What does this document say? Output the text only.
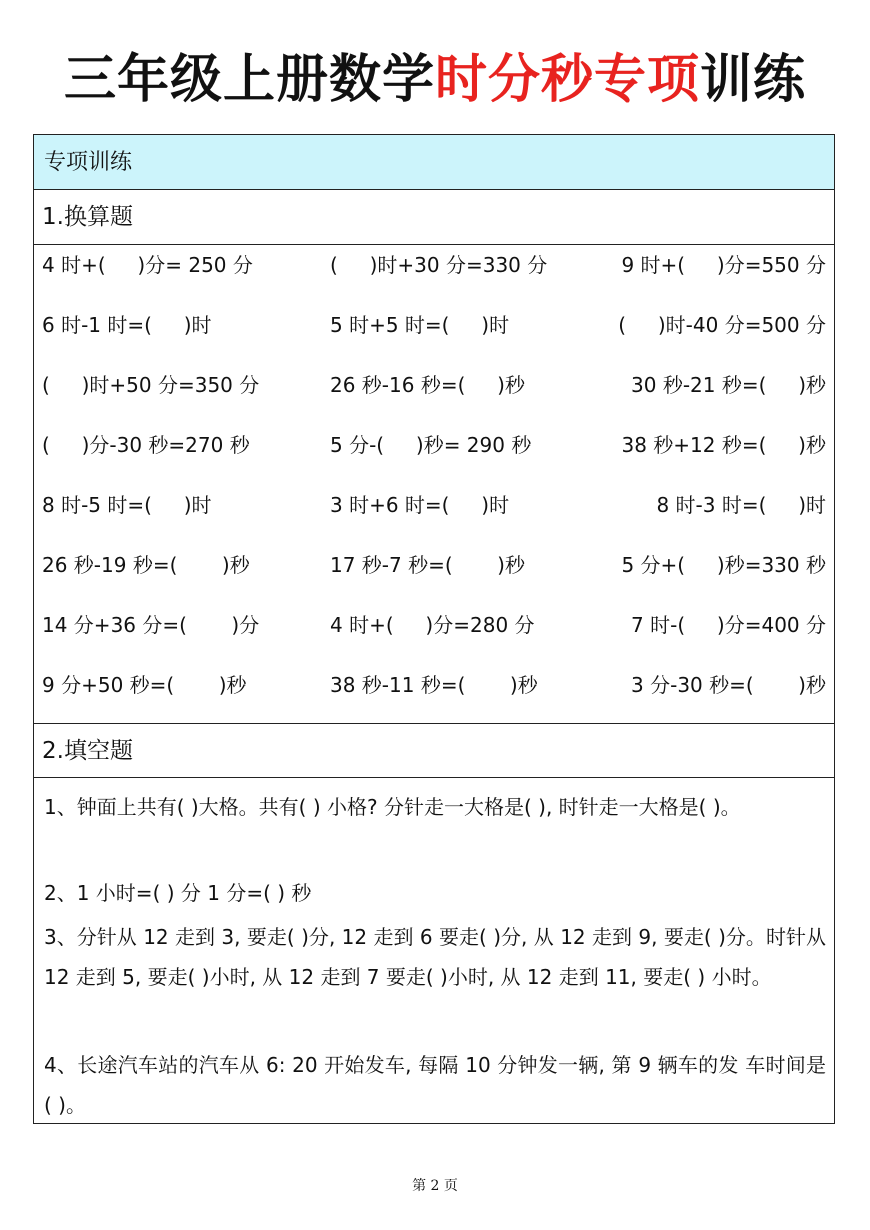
三年级上册数学时分秒专项训练
专项训练
1.换算题
4 时+(     )分= 250 分	(     )时+30 分=330 分	9 时+(     )分=550 分
6 时-1 时=(     )时	5 时+5 时=(     )时	(     )时-40 分=500 分
(     )时+50 分=350 分	26 秒-16 秒=(     )秒	30 秒-21 秒=(     )秒
(     )分-30 秒=270 秒	5 分-(     )秒= 290 秒	38 秒+12 秒=(     )秒
8 时-5 时=(     )时	3 时+6 时=(     )时	8 时-3 时=(     )时
26 秒-19 秒=(       )秒	17 秒-7 秒=(       )秒	5 分+(     )秒=330 秒
14 分+36 分=(       )分	4 时+(     )分=280 分	7 时-(     )分=400 分
9 分+50 秒=(       )秒	38 秒-11 秒=(       )秒	3 分-30 秒=(       )秒
2.填空题
1、钟面上共有( )大格。共有( ) 小格? 分针走一大格是( ), 时针走一大格是( )。
2、1 小时=( ) 分 1 分=( ) 秒
3、分针从 12 走到 3, 要走( )分, 12 走到 6 要走( )分, 从 12 走到 9, 要走( )分。时针从 12 走到 5, 要走( )小时, 从 12 走到 7 要走( )小时, 从 12 走到 11, 要走( ) 小时。
4、长途汽车站的汽车从 6: 20 开始发车, 每隔 10 分钟发一辆, 第 9 辆车的发 车时间是 ( )。
第 2 页
